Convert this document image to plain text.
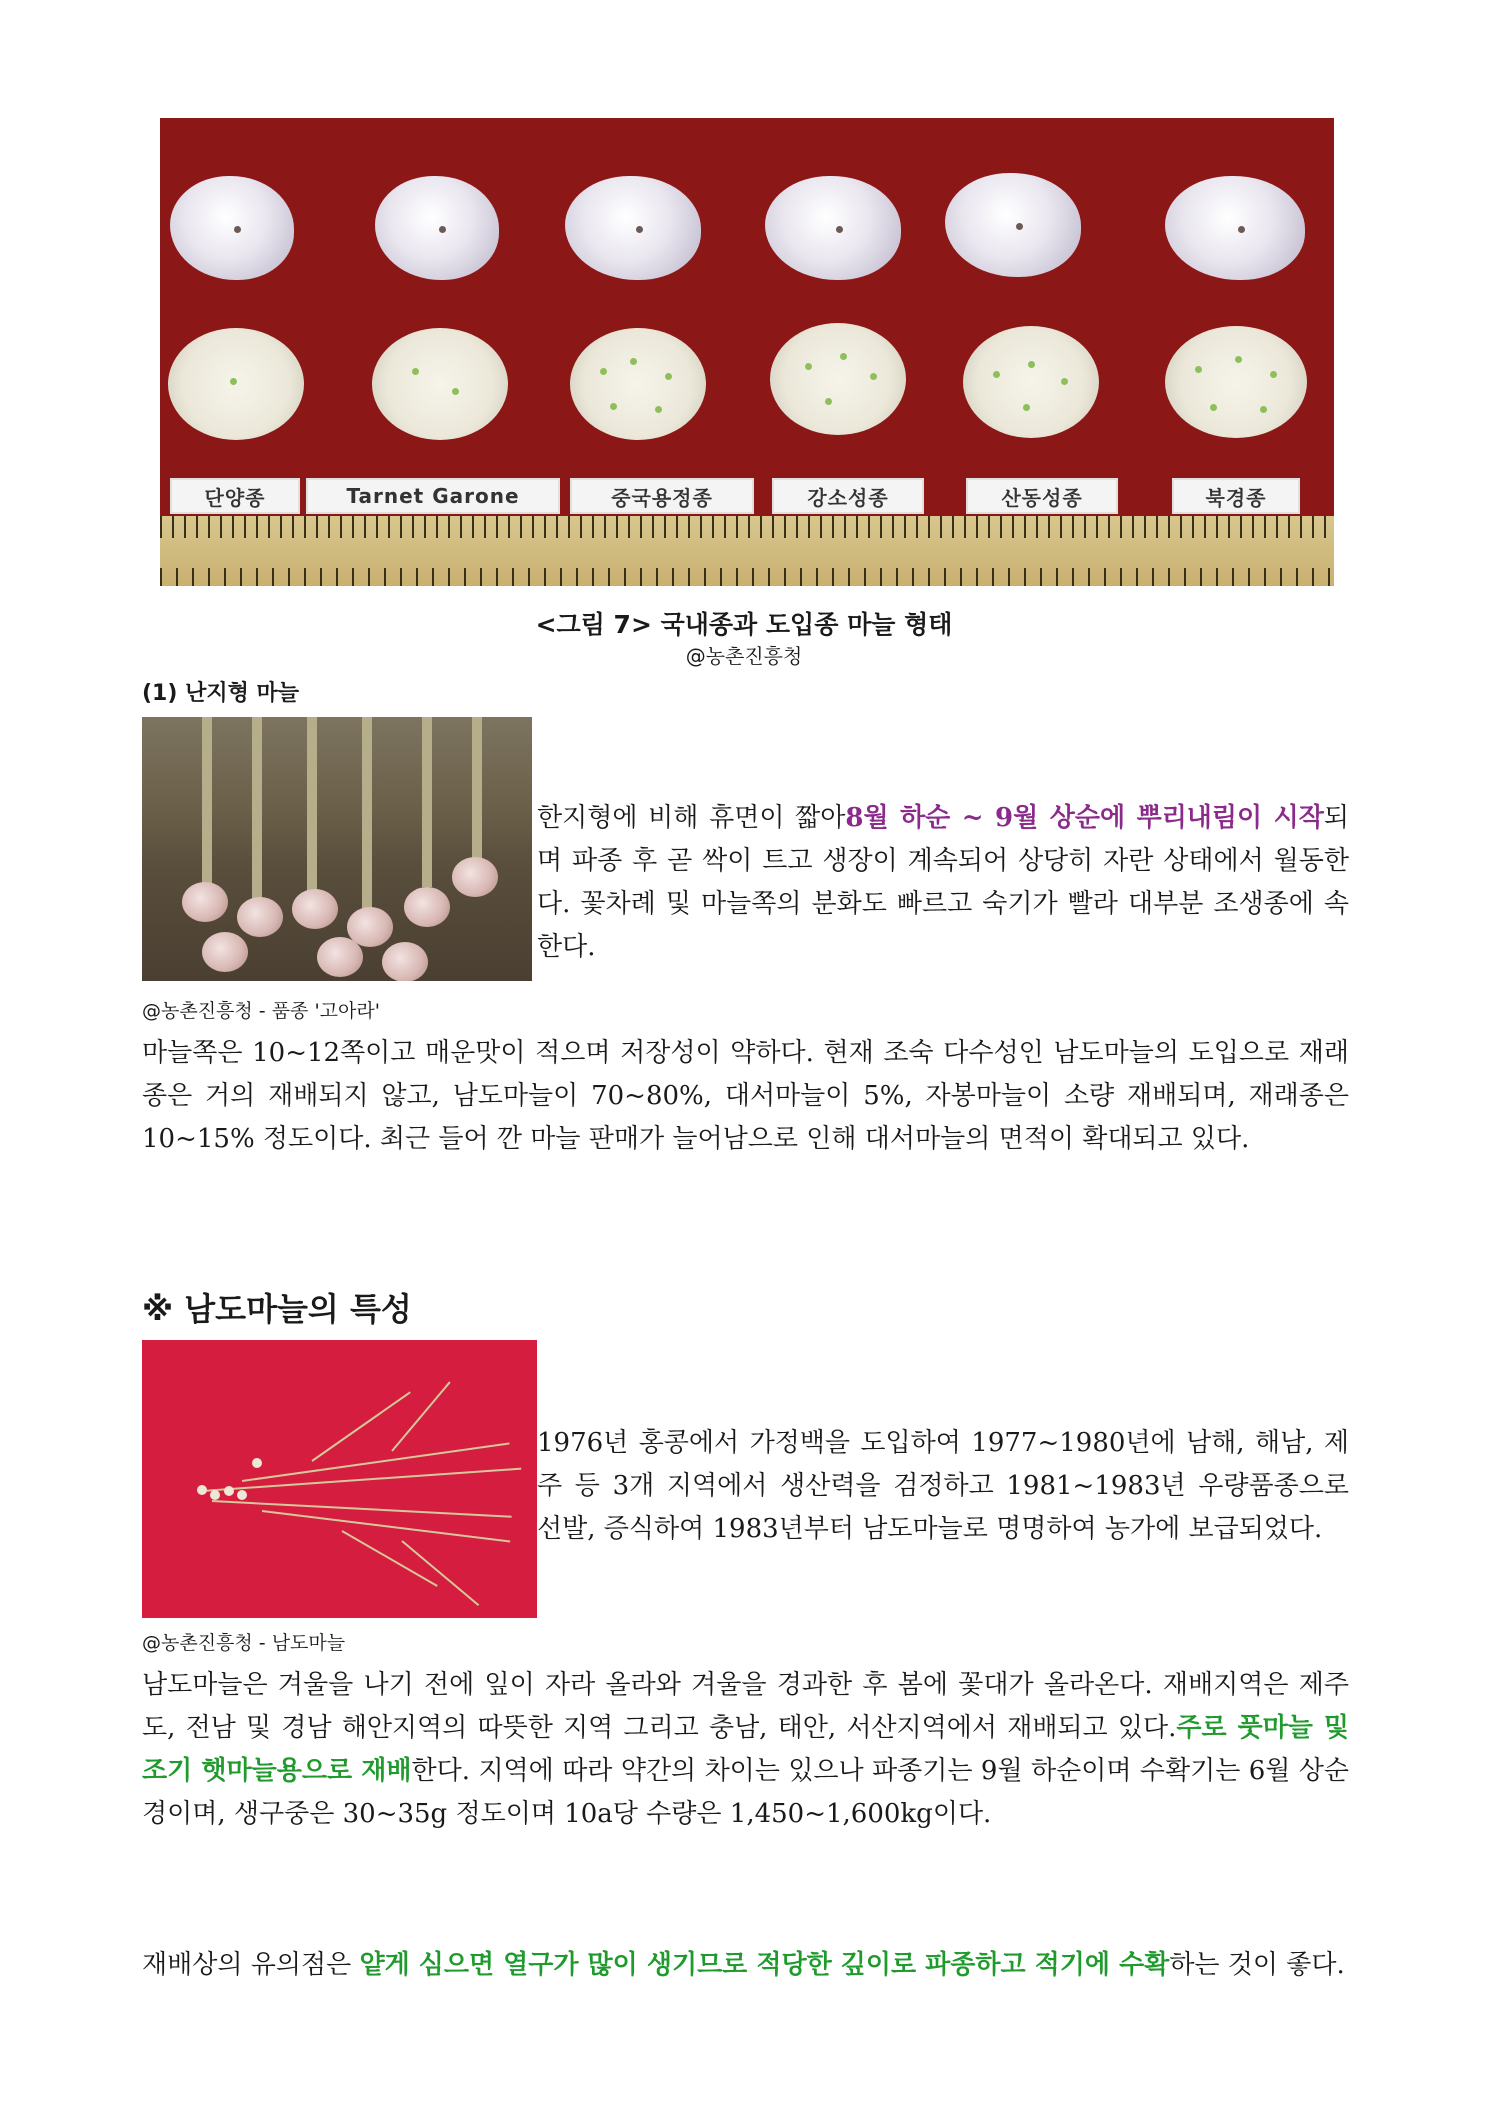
단양종	Tarnet Garone	중국용정종	강소성종	산동성종	북경종
<그림 7> 국내종과 도입종 마늘 형태
@농촌진흥청
(1) 난지형 마늘
한지형에 비해 휴면이 짧아8월 하순 ~ 9월 상순에 뿌리내림이 시작되며 파종 후 곧 싹이 트고 생장이 계속되어 상당히 자란 상태에서 월동한다. 꽃차례 및 마늘쪽의 분화도 빠르고 숙기가 빨라 대부분 조생종에 속한다.
@농촌진흥청 - 품종 '고아라'
마늘쪽은 10~12쪽이고 매운맛이 적으며 저장성이 약하다. 현재 조숙 다수성인 남도마늘의 도입으로 재래종은 거의 재배되지 않고, 남도마늘이 70~80%, 대서마늘이 5%, 자봉마늘이 소량 재배되며, 재래종은 10~15% 정도이다. 최근 들어 깐 마늘 판매가 늘어남으로 인해 대서마늘의 면적이 확대되고 있다.
※ 남도마늘의 특성
1976년 홍콩에서 가정백을 도입하여 1977~1980년에 남해, 해남, 제주 등 3개 지역에서 생산력을 검정하고 1981~1983년 우량품종으로 선발, 증식하여 1983년부터 남도마늘로 명명하여 농가에 보급되었다.
@농촌진흥청 - 남도마늘
남도마늘은 겨울을 나기 전에 잎이 자라 올라와 겨울을 경과한 후 봄에 꽃대가 올라온다. 재배지역은 제주도, 전남 및 경남 해안지역의 따뜻한 지역 그리고 충남, 태안, 서산지역에서 재배되고 있다.주로 풋마늘 및 조기 햇마늘용으로 재배한다. 지역에 따라 약간의 차이는 있으나 파종기는 9월 하순이며 수확기는 6월 상순경이며, 생구중은 30~35g 정도이며 10a당 수량은 1,450~1,600kg이다.
재배상의 유의점은 얕게 심으면 열구가 많이 생기므로 적당한 깊이로 파종하고 적기에 수확하는 것이 좋다.
